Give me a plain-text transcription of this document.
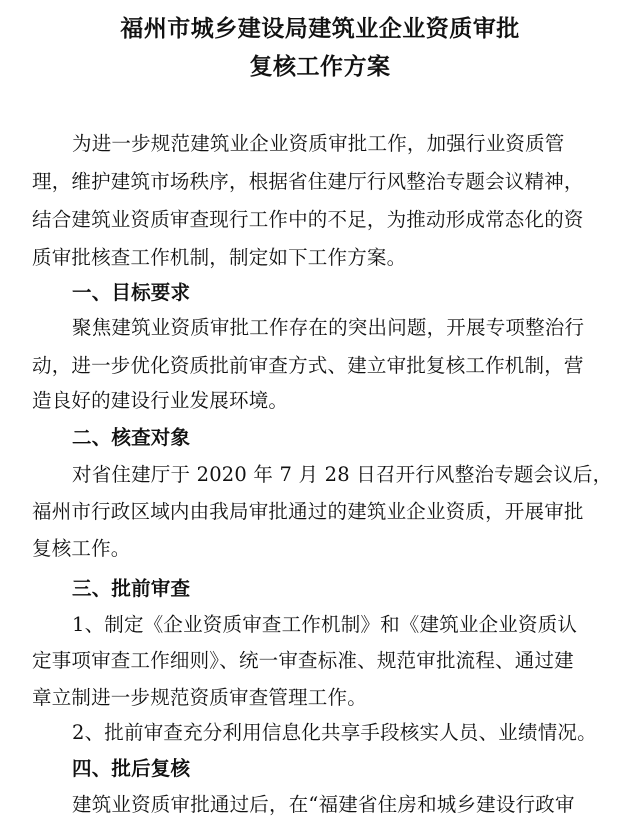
福州市城乡建设局建筑业企业资质审批
复核工作方案
为进一步规范建筑业企业资质审批工作，加强行业资质管
理，维护建筑市场秩序，根据省住建厅行风整治专题会议精神，
结合建筑业资质审查现行工作中的不足，为推动形成常态化的资
质审批核查工作机制，制定如下工作方案。
一、目标要求
聚焦建筑业资质审批工作存在的突出问题，开展专项整治行
动，进一步优化资质批前审查方式、建立审批复核工作机制，营
造良好的建设行业发展环境。
二、核查对象
对省住建厅于 2020 年 7 月 28 日召开行风整治专题会议后，
福州市行政区域内由我局审批通过的建筑业企业资质，开展审批
复核工作。
三、批前审查
1、制定《企业资质审查工作机制》和《建筑业企业资质认
定事项审查工作细则》、统一审查标准、规范审批流程、通过建
章立制进一步规范资质审查管理工作。
2、批前审查充分利用信息化共享手段核实人员、业绩情况。
四、批后复核
建筑业资质审批通过后，在“福建省住房和城乡建设行政审
